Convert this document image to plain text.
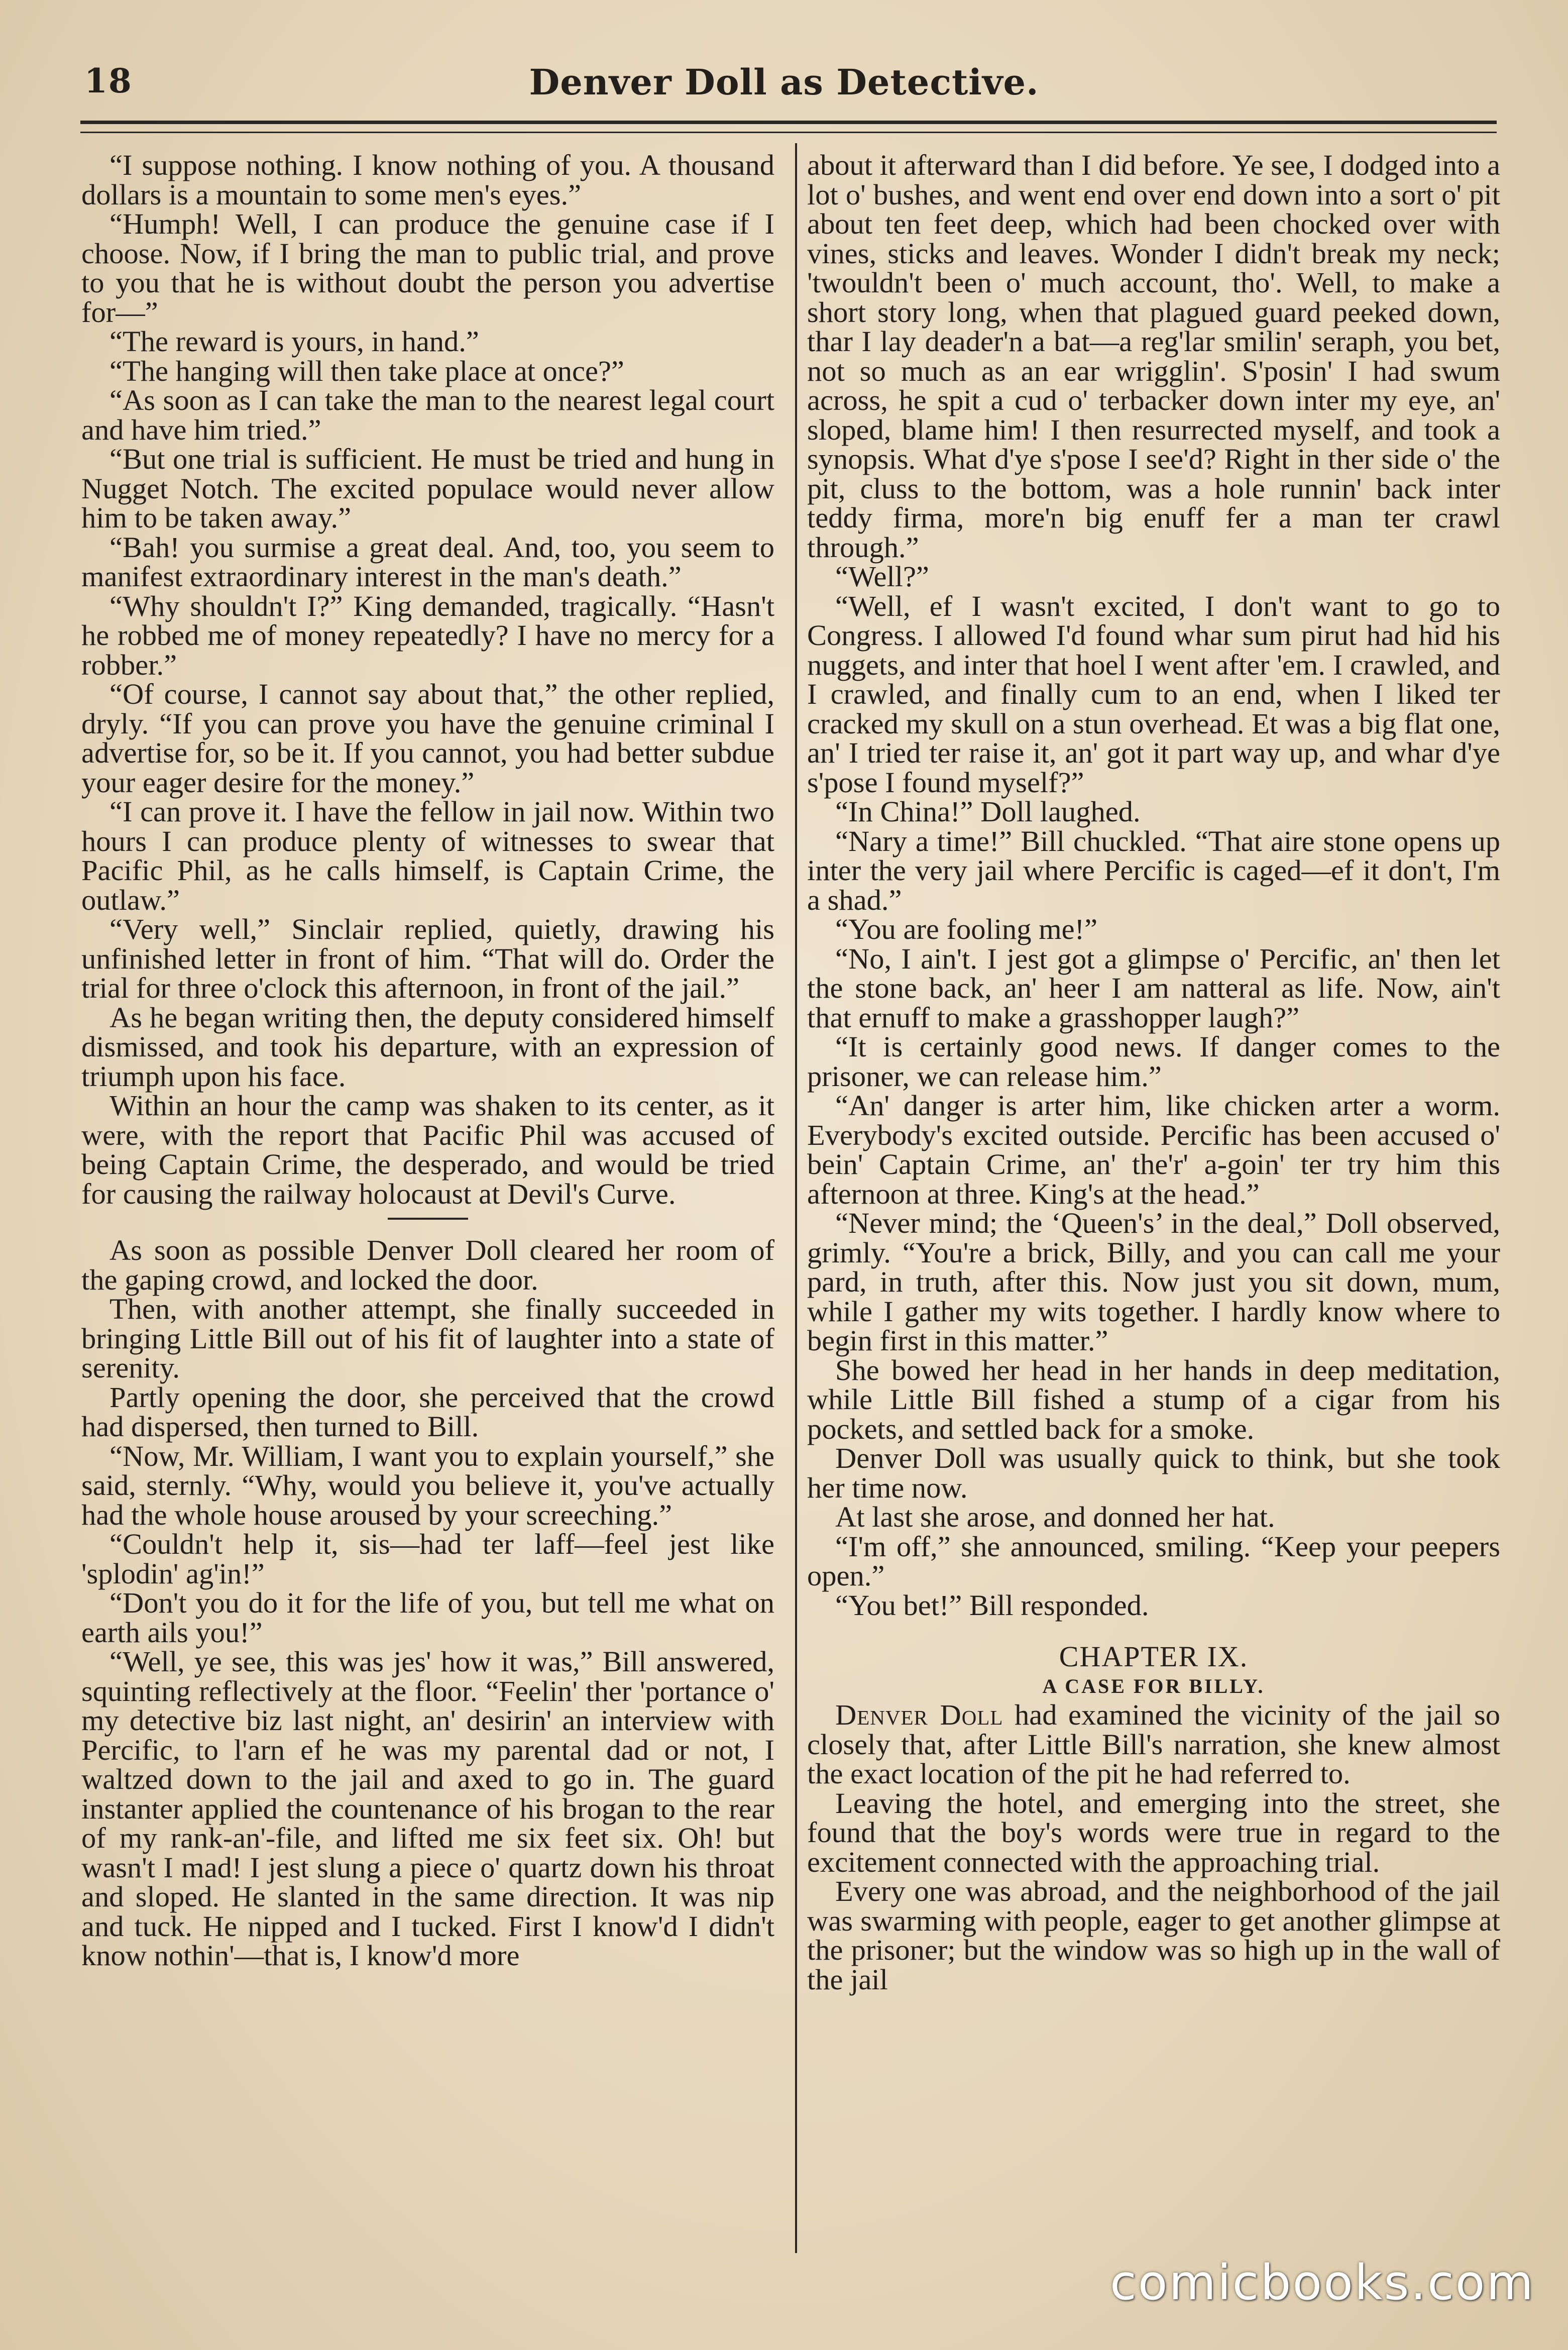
18	Denver Doll as Detective.

“I suppose nothing. I know nothing of you. A thousand dollars is a mountain to some men's eyes.”

“Humph! Well, I can produce the genuine case if I choose. Now, if I bring the man to public trial, and prove to you that he is without doubt the person you advertise for—”

“The reward is yours, in hand.”

“The hanging will then take place at once?”

“As soon as I can take the man to the nearest legal court and have him tried.”

“But one trial is sufficient. He must be tried and hung in Nugget Notch. The excited populace would never allow him to be taken away.”

“Bah! you surmise a great deal. And, too, you seem to manifest extraordinary interest in the man's death.”

“Why shouldn't I?” King demanded, tragically. “Hasn't he robbed me of money repeatedly? I have no mercy for a robber.”

“Of course, I cannot say about that,” the other replied, dryly. “If you can prove you have the genuine criminal I advertise for, so be it. If you cannot, you had better subdue your eager desire for the money.”

“I can prove it. I have the fellow in jail now. Within two hours I can produce plenty of witnesses to swear that Pacific Phil, as he calls himself, is Captain Crime, the outlaw.”

“Very well,” Sinclair replied, quietly, drawing his unfinished letter in front of him. “That will do. Order the trial for three o'clock this afternoon, in front of the jail.”

As he began writing then, the deputy considered himself dismissed, and took his departure, with an expression of triumph upon his face.

Within an hour the camp was shaken to its center, as it were, with the report that Pacific Phil was accused of being Captain Crime, the desperado, and would be tried for causing the railway holocaust at Devil's Curve.

As soon as possible Denver Doll cleared her room of the gaping crowd, and locked the door.

Then, with another attempt, she finally succeeded in bringing Little Bill out of his fit of laughter into a state of serenity.

Partly opening the door, she perceived that the crowd had dispersed, then turned to Bill.

“Now, Mr. William, I want you to explain yourself,” she said, sternly. “Why, would you believe it, you've actually had the whole house aroused by your screeching.”

“Couldn't help it, sis—had ter laff—feel jest like 'splodin' ag'in!”

“Don't you do it for the life of you, but tell me what on earth ails you!”

“Well, ye see, this was jes' how it was,” Bill answered, squinting reflectively at the floor. “Feelin' ther 'portance o' my detective biz last night, an' desirin' an interview with Percific, to l'arn ef he was my parental dad or not, I waltzed down to the jail and axed to go in. The guard instanter applied the countenance of his brogan to the rear of my rank-an'-file, and lifted me six feet six. Oh! but wasn't I mad! I jest slung a piece o' quartz down his throat and sloped. He slanted in the same direction. It was nip and tuck. He nipped and I tucked. First I know'd I didn't know nothin'—that is, I know'd more

about it afterward than I did before. Ye see, I dodged into a lot o' bushes, and went end over end down into a sort o' pit about ten feet deep, which had been chocked over with vines, sticks and leaves. Wonder I didn't break my neck; 'twouldn't been o' much account, tho'. Well, to make a short story long, when that plagued guard peeked down, thar I lay deader'n a bat—a reg'lar smilin' seraph, you bet, not so much as an ear wrigglin'. S'posin' I had swum across, he spit a cud o' terbacker down inter my eye, an' sloped, blame him! I then resurrected myself, and took a synopsis. What d'ye s'pose I see'd? Right in ther side o' the pit, cluss to the bottom, was a hole runnin' back inter teddy firma, more'n big enuff fer a man ter crawl through.”

“Well?”

“Well, ef I wasn't excited, I don't want to go to Congress. I allowed I'd found whar sum pirut had hid his nuggets, and inter that hoel I went after 'em. I crawled, and I crawled, and finally cum to an end, when I liked ter cracked my skull on a stun overhead. Et was a big flat one, an' I tried ter raise it, an' got it part way up, and whar d'ye s'pose I found myself?”

“In China!” Doll laughed.

“Nary a time!” Bill chuckled. “That aire stone opens up inter the very jail where Percific is caged—ef it don't, I'm a shad.”

“You are fooling me!”

“No, I ain't. I jest got a glimpse o' Percific, an' then let the stone back, an' heer I am natteral as life. Now, ain't that ernuff to make a grasshopper laugh?”

“It is certainly good news. If danger comes to the prisoner, we can release him.”

“An' danger is arter him, like chicken arter a worm. Everybody's excited outside. Percific has been accused o' bein' Captain Crime, an' the'r' a-goin' ter try him this afternoon at three. King's at the head.”

“Never mind; the ‘Queen's’ in the deal,” Doll observed, grimly. “You're a brick, Billy, and you can call me your pard, in truth, after this. Now just you sit down, mum, while I gather my wits together. I hardly know where to begin first in this matter.”

She bowed her head in her hands in deep meditation, while Little Bill fished a stump of a cigar from his pockets, and settled back for a smoke.

Denver Doll was usually quick to think, but she took her time now.

At last she arose, and donned her hat.

“I'm off,” she announced, smiling. “Keep your peepers open.”

“You bet!” Bill responded.

CHAPTER IX.
A CASE FOR BILLY.

Denver Doll had examined the vicinity of the jail so closely that, after Little Bill's narration, she knew almost the exact location of the pit he had referred to.

Leaving the hotel, and emerging into the street, she found that the boy's words were true in regard to the excitement connected with the approaching trial.

Every one was abroad, and the neighborhood of the jail was swarming with people, eager to get another glimpse at the prisoner; but the window was so high up in the wall of the jail

comicbooks.com
